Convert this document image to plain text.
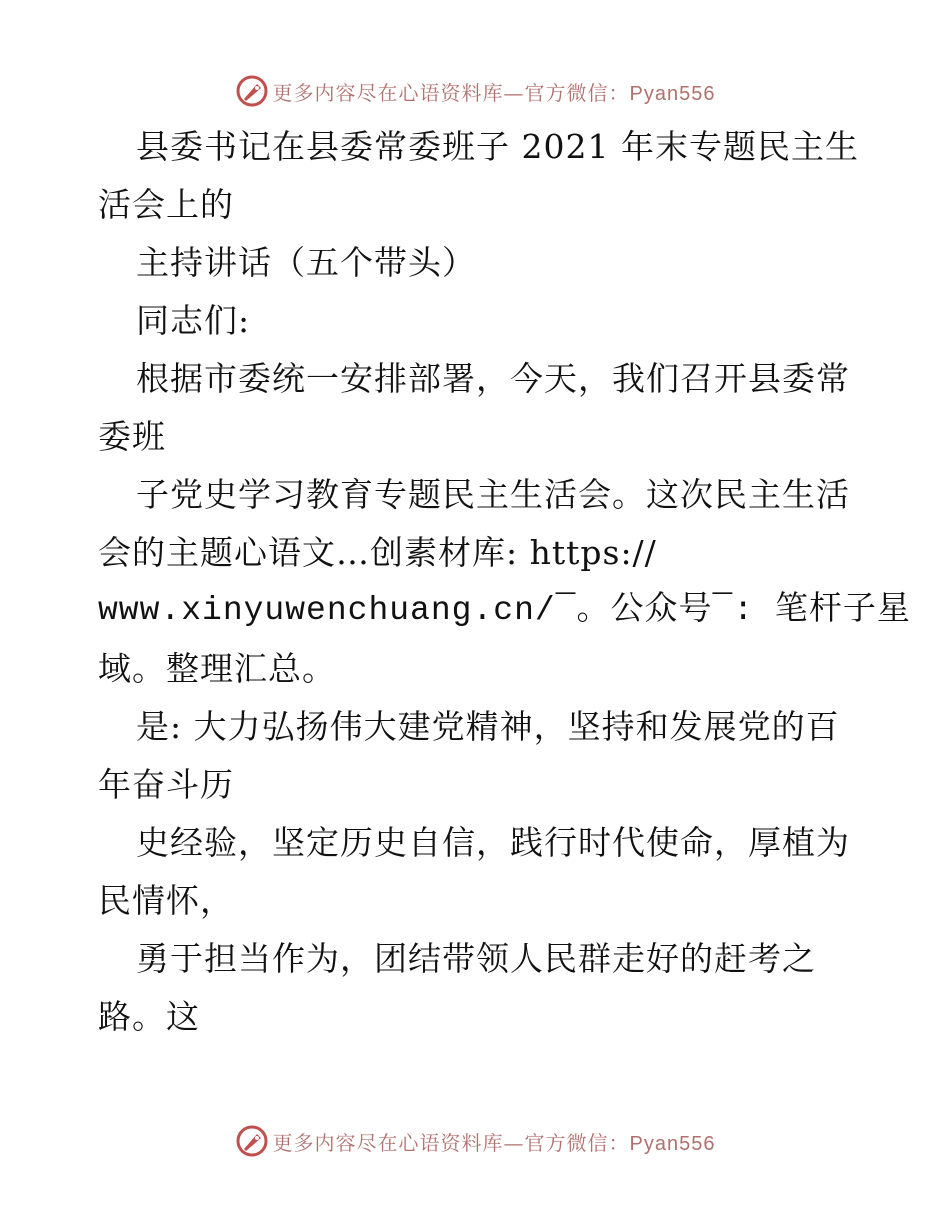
更多内容尽在心语资料库—官方微信：Pyan556
县委书记在县委常委班子 2021 年末专题民主生
活会上的
主持讲话（五个带头）
同志们:
根据市委统一安排部署，今天，我们召开县委常
委班
子党史学习教育专题民主生活会。这次民主生活
会的主题心语文…创素材库: https://
www.xinyuwenchuang.cn/¯。公众号¯: 笔杆子星
域。整理汇总。
是: 大力弘扬伟大建党精神，坚持和发展党的百
年奋斗历
史经验，坚定历史自信，践行时代使命，厚植为
民情怀，
勇于担当作为，团结带领人民群走好的赶考之
路。这
更多内容尽在心语资料库—官方微信：Pyan556
